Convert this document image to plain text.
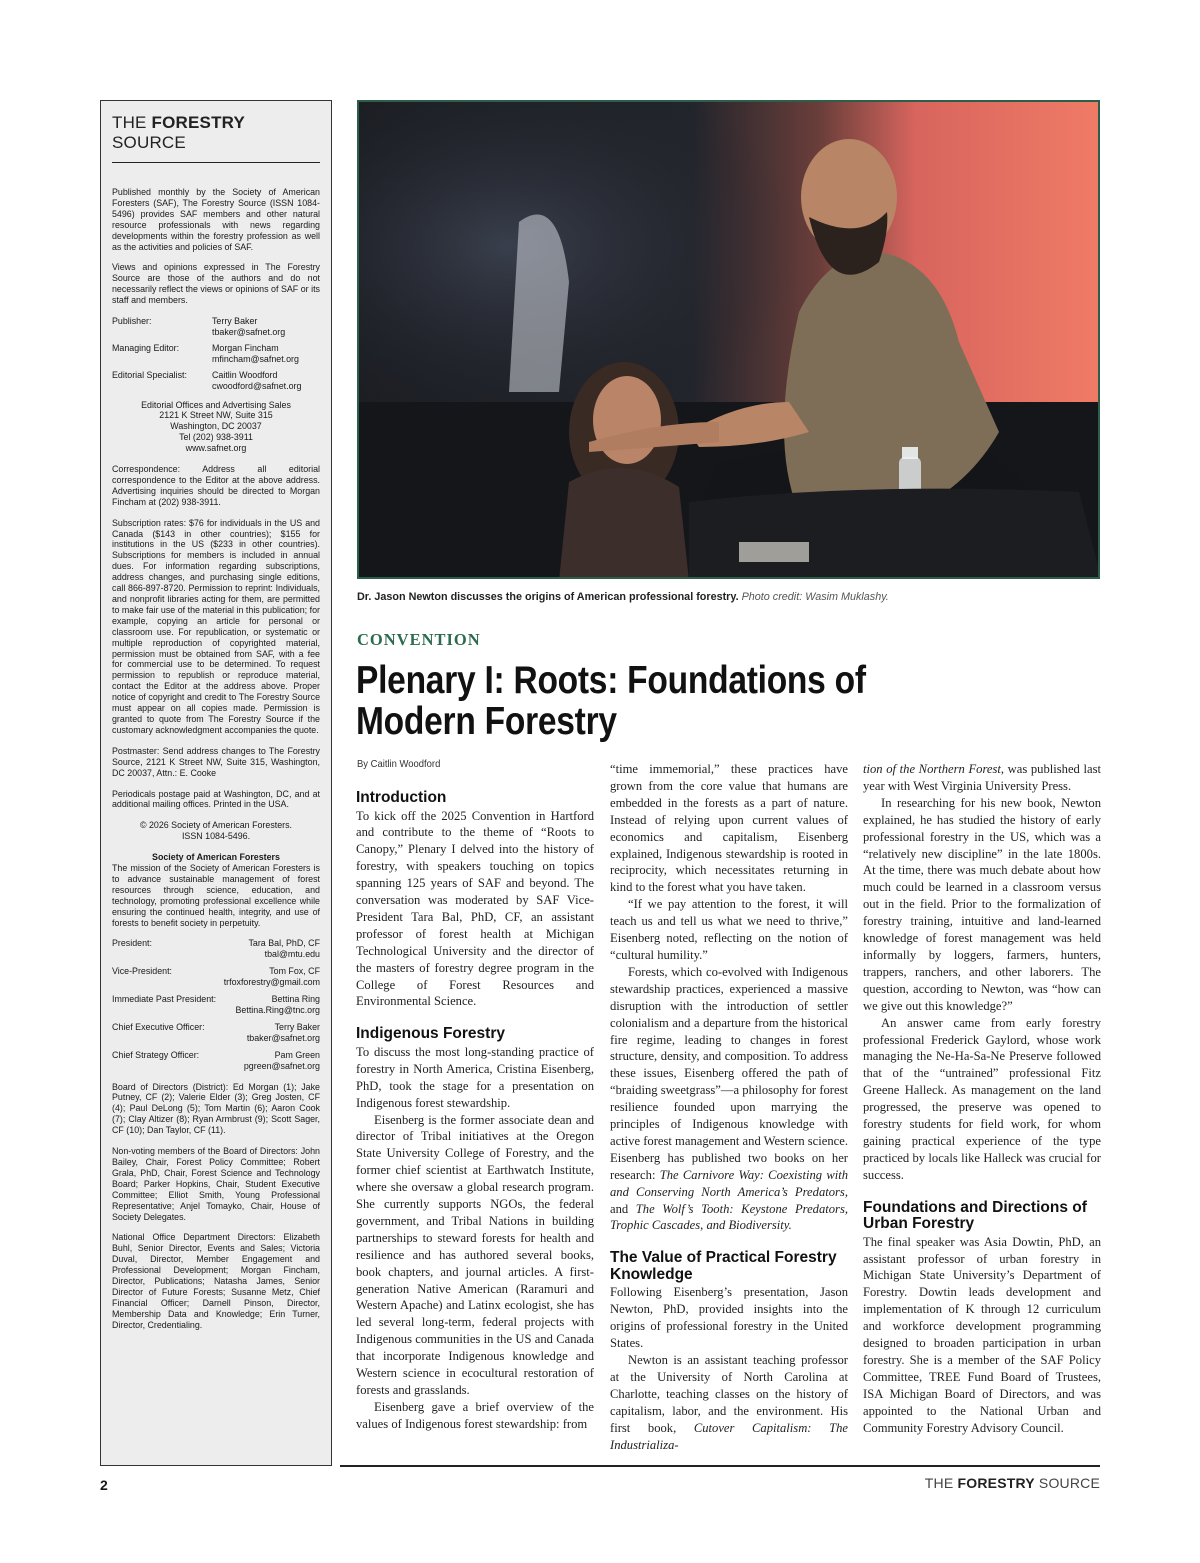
THE FORESTRY SOURCE

Published monthly by the Society of American Foresters (SAF), The Forestry Source (ISSN 1084-5496) provides SAF members and other natural resource professionals with news regarding developments within the forestry profession as well as the activities and policies of SAF.

Views and opinions expressed in The Forestry Source are those of the authors and do not necessarily reflect the views or opinions of SAF or its staff and members.

Publisher:	Terry Baker
tbaker@safnet.org
Managing Editor:	Morgan Fincham
mfincham@safnet.org
Editorial Specialist:	Caitlin Woodford
cwoodford@safnet.org
Editorial Offices and Advertising Sales
2121 K Street NW, Suite 315
Washington, DC 20037
Tel (202) 938-3911
www.safnet.org

Correspondence: Address all editorial correspondence to the Editor at the above address. Advertising inquiries should be directed to Morgan Fincham at (202) 938-3911.

Subscription rates: $76 for individuals in the US and Canada ($143 in other countries); $155 for institutions in the US ($233 in other countries). Subscriptions for members is included in annual dues. For information regarding subscriptions, address changes, and purchasing single editions, call 866-897-8720. Permission to reprint: Individuals, and nonprofit libraries acting for them, are permitted to make fair use of the material in this publication; for example, copying an article for personal or classroom use. For republication, or systematic or multiple reproduction of copyrighted material, permission must be obtained from SAF, with a fee for commercial use to be determined. To request permission to republish or reproduce material, contact the Editor at the address above. Proper notice of copyright and credit to The Forestry Source must appear on all copies made. Permission is granted to quote from The Forestry Source if the customary acknowledgment accompanies the quote.

Postmaster: Send address changes to The Forestry Source, 2121 K Street NW, Suite 315, Washington, DC 20037, Attn.: E. Cooke

Periodicals postage paid at Washington, DC, and at additional mailing offices. Printed in the USA.

© 2026 Society of American Foresters.
ISSN 1084-5496.
Society of American Foresters

The mission of the Society of American Foresters is to advance sustainable management of forest resources through science, education, and technology, promoting professional excellence while ensuring the continued health, integrity, and use of forests to benefit society in perpetuity.

President:	Tara Bal, PhD, CF
tbal@mtu.edu
Vice-President:	Tom Fox, CF
trfoxforestry@gmail.com
Immediate Past President:	Bettina Ring
Bettina.Ring@tnc.org
Chief Executive Officer:	Terry Baker
tbaker@safnet.org
Chief Strategy Officer:	Pam Green
pgreen@safnet.org

Board of Directors (District): Ed Morgan (1); Jake Putney, CF (2); Valerie Elder (3); Greg Josten, CF (4); Paul DeLong (5); Tom Martin (6); Aaron Cook (7); Clay Altizer (8); Ryan Armbrust (9); Scott Sager, CF (10); Dan Taylor, CF (11).

Non-voting members of the Board of Directors: John Bailey, Chair, Forest Policy Committee; Robert Grala, PhD, Chair, Forest Science and Technology Board; Parker Hopkins, Chair, Student Executive Committee; Elliot Smith, Young Professional Representative; Anjel Tomayko, Chair, House of Society Delegates.

National Office Department Directors: Elizabeth Buhl, Senior Director, Events and Sales; Victoria Duval, Director, Member Engagement and Professional Development; Morgan Fincham, Director, Publications; Natasha James, Senior Director of Future Forests; Susanne Metz, Chief Financial Officer; Darnell Pinson, Director, Membership Data and Knowledge; Erin Turner, Director, Credentialing.

Dr. Jason Newton discusses the origins of American professional forestry. Photo credit: Wasim Muklashy.
CONVENTION
Plenary I: Roots: Foundations of Modern Forestry
By Caitlin Woodford
Introduction

To kick off the 2025 Convention in Hartford and contribute to the theme of “Roots to Canopy,” Plenary I delved into the history of forestry, with speakers touching on topics spanning 125 years of SAF and beyond. The conversation was moderated by SAF Vice-President Tara Bal, PhD, CF, an assistant professor of forest health at Michigan Technological University and the director of the masters of forestry degree program in the College of Forest Resources and Environmental Science.

Indigenous Forestry

To discuss the most long-standing practice of forestry in North America, Cristina Eisenberg, PhD, took the stage for a presentation on Indigenous forest stewardship.

Eisenberg is the former associate dean and director of Tribal initiatives at the Oregon State University College of Forestry, and the former chief scientist at Earthwatch Institute, where she oversaw a global research program. She currently supports NGOs, the federal government, and Tribal Nations in building partnerships to steward forests for health and resilience and has authored several books, book chapters, and journal articles. A first-generation Native American (Raramuri and Western Apache) and Latinx ecologist, she has led several long-term, federal projects with Indigenous communities in the US and Canada that incorporate Indigenous knowledge and Western science in ecocultural restoration of forests and grasslands.

Eisenberg gave a brief overview of the values of Indigenous forest stewardship: from

“time immemorial,” these practices have grown from the core value that humans are embedded in the forests as a part of nature. Instead of relying upon current values of economics and capitalism, Eisenberg explained, Indigenous stewardship is rooted in reciprocity, which necessitates returning in kind to the forest what you have taken.

“If we pay attention to the forest, it will teach us and tell us what we need to thrive,” Eisenberg noted, reflecting on the notion of “cultural humility.”

Forests, which co-evolved with Indigenous stewardship practices, experienced a massive disruption with the introduction of settler colonialism and a departure from the historical fire regime, leading to changes in forest structure, density, and composition. To address these issues, Eisenberg offered the path of “braiding sweetgrass”—a philosophy for forest resilience founded upon marrying the principles of Indigenous knowledge with active forest management and Western science. Eisenberg has published two books on her research: The Carnivore Way: Coexisting with and Conserving North America’s Predators, and The Wolf’s Tooth: Keystone Predators, Trophic Cascades, and Biodiversity.

The Value of Practical Forestry Knowledge

Following Eisenberg’s presentation, Jason Newton, PhD, provided insights into the origins of professional forestry in the United States.

Newton is an assistant teaching professor at the University of North Carolina at Charlotte, teaching classes on the history of capitalism, labor, and the environment. His first book, Cutover Capitalism: The Industrializa-

tion of the Northern Forest, was published last year with West Virginia University Press.

In researching for his new book, Newton explained, he has studied the history of early professional forestry in the US, which was a “relatively new discipline” in the late 1800s. At the time, there was much debate about how much could be learned in a classroom versus out in the field. Prior to the formalization of forestry training, intuitive and land-learned knowledge of forest management was held informally by loggers, farmers, hunters, trappers, ranchers, and other laborers. The question, according to Newton, was “how can we give out this knowledge?”

An answer came from early forestry professional Frederick Gaylord, whose work managing the Ne-Ha-Sa-Ne Preserve followed that of the “untrained” professional Fitz Greene Halleck. As management on the land progressed, the preserve was opened to forestry students for field work, for whom gaining practical experience of the type practiced by locals like Halleck was crucial for success.

Foundations and Directions of Urban Forestry

The final speaker was Asia Dowtin, PhD, an assistant professor of urban forestry in Michigan State University’s Department of Forestry. Dowtin leads development and implementation of K through 12 curriculum and workforce development programming designed to broaden participation in urban forestry. She is a member of the SAF Policy Committee, TREE Fund Board of Trustees, ISA Michigan Board of Directors, and was appointed to the National Urban and Community Forestry Advisory Council.

2	THE FORESTRY SOURCE
